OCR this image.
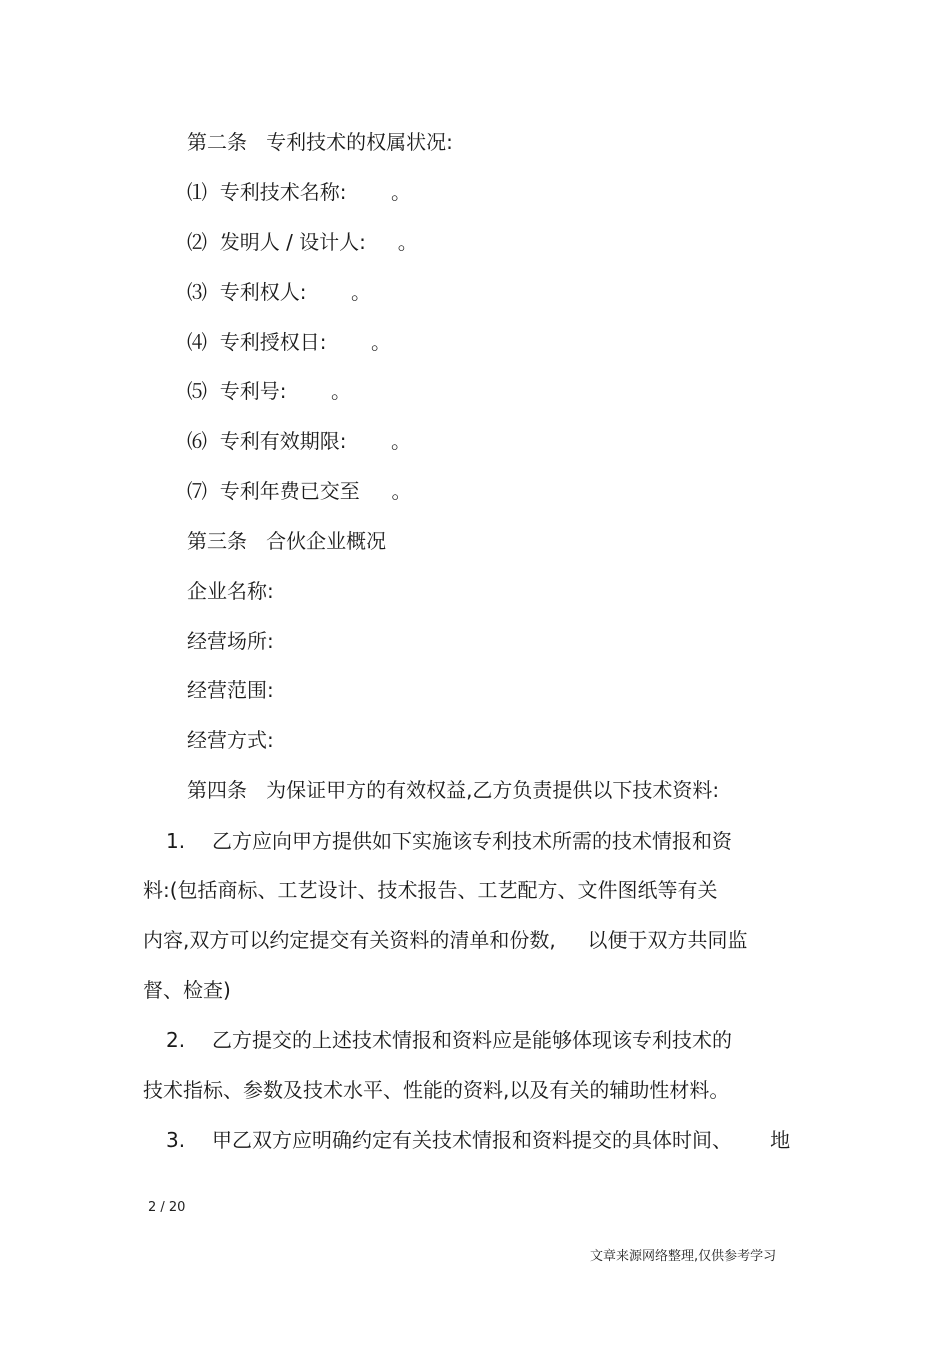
第二条   专利技术的权属状况:
⑴  专利技术名称:       。
⑵  发明人 / 设计人:     。
⑶  专利权人:       。
⑷  专利授权日:       。
⑸  专利号:       。
⑹  专利有效期限:       。
⑺  专利年费已交至     。
第三条   合伙企业概况
企业名称:
经营场所:
经营范围:
经营方式:
第四条   为保证甲方的有效权益,乙方负责提供以下技术资料:
1. 乙方应向甲方提供如下实施该专利技术所需的技术情报和资
料:(包括商标、工艺设计、技术报告、工艺配方、文件图纸等有关
内容,双方可以约定提交有关资料的清单和份数,     以便于双方共同监
督、检查)
2. 乙方提交的上述技术情报和资料应是能够体现该专利技术的
技术指标、参数及技术水平、性能的资料,以及有关的辅助性材料。
3. 甲乙双方应明确约定有关技术情报和资料提交的具体时间、      地
2 / 20
文章来源网络整理,仅供参考学习
